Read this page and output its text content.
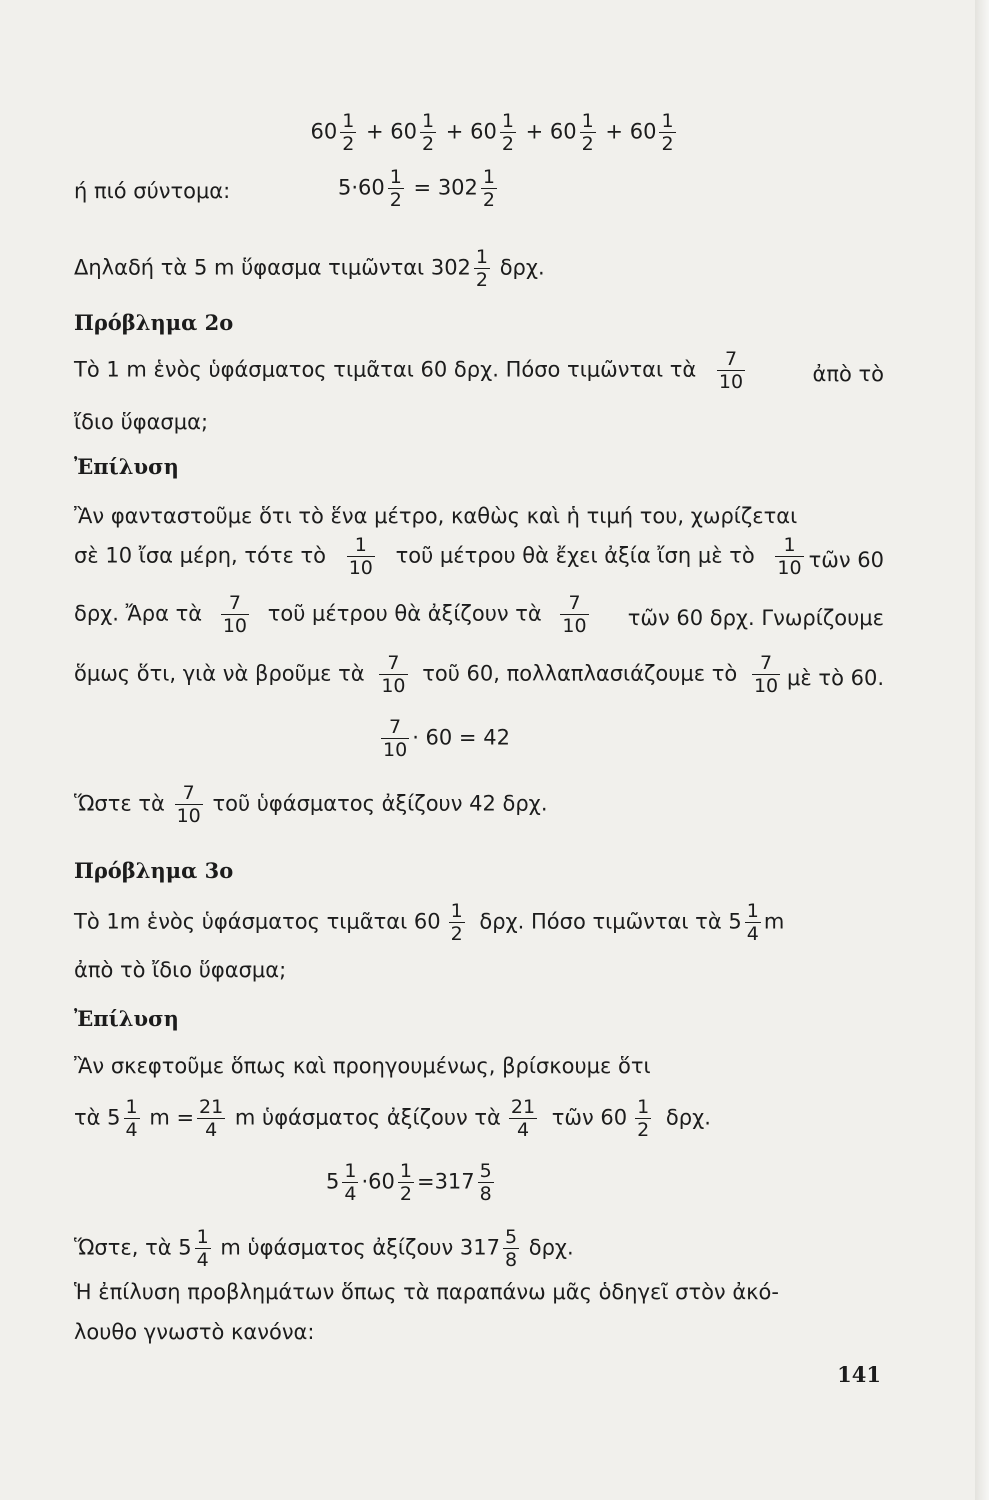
$60 \frac{1}{2} + 60 \frac{1}{2} + 60 \frac{1}{2} + 60 \frac{1}{2} + 60 \frac{1}{2}$
ή πιό σύντομα:	$5\cdot 60 \frac{1}{2} = 302 \frac{1}{2}$
Δηλαδή τὰ 5 m ὕφασμα τιμῶνται $302 \frac{1}{2} \delta\rho\chi$.
Πρόβλημα 2ο
Τὸ 1 m ἑνὸς ὑφάσματος τιμᾶται 60 δρχ. Πόσο τιμῶνται τὰ $\frac{7}{10}$	ἀπὸ τὸ
ἴδιο ὕφασμα;
Ἐπίλυση
Ἂν φανταστοῦμε ὅτι τὸ ἕνα μέτρο, καθὼς καὶ ἡ τιμή του, χωρίζεται
σὲ 10 ἴσα μέρη, τότε τὸ $\frac{1}{10}$ τοῦ μέτρου θὰ ἔχει ἀξία ἴση μὲ τὸ $\frac{1}{10}$ τῶν 60
δρχ. Ἄρα τὰ $\frac{7}{10}$ τοῦ μέτρου θὰ ἀξίζουν τὰ $\frac{7}{10}$ τῶν 60 δρχ. Γνωρίζουμε
ὅμως ὅτι, γιὰ νὰ βροῦμε τὰ $\frac{7}{10}$ τοῦ 60, πολλαπλασιάζουμε τὸ $\frac{7}{10}$ μὲ τὸ 60.
$\frac{7}{10} \cdot 60 = 42$
Ὥστε τὰ $\frac{7}{10}$ τοῦ ὑφάσματος ἀξίζουν 42 δρχ.
Πρόβλημα 3ο
Τὸ 1m ἑνὸς ὑφάσματος τιμᾶται $60 \frac{1}{2} \delta\rho\chi$. Πόσο τιμῶνται τὰ $5 \frac{1}{4}$ m
ἀπὸ τὸ ἴδιο ὕφασμα;
Ἐπίλυση
Ἂν σκεφτοῦμε ὅπως καὶ προηγουμένως, βρίσκουμε ὅτι
τὰ $5 \frac{1}{4}$ $m = \frac{21}{4}$ m ὑφάσματος ἀξίζουν τὰ $\frac{21}{4}$ τῶν $60 \frac{1}{2} \delta\rho\chi$.
$5 \frac{1}{4} \cdot 60 \frac{1}{2} =317 \frac{5}{8}$
Ὥστε, τὰ $5 \frac{1}{4}$ m ὑφάσματος ἀξίζουν $317 \frac{5}{8} \delta\rho\chi$.
Ἡ ἐπίλυση προβλημάτων ὅπως τὰ παραπάνω μᾶς ὁδηγεῖ στὸν ἀκό-
λουθο γνωστὸ κανόνα:
141
